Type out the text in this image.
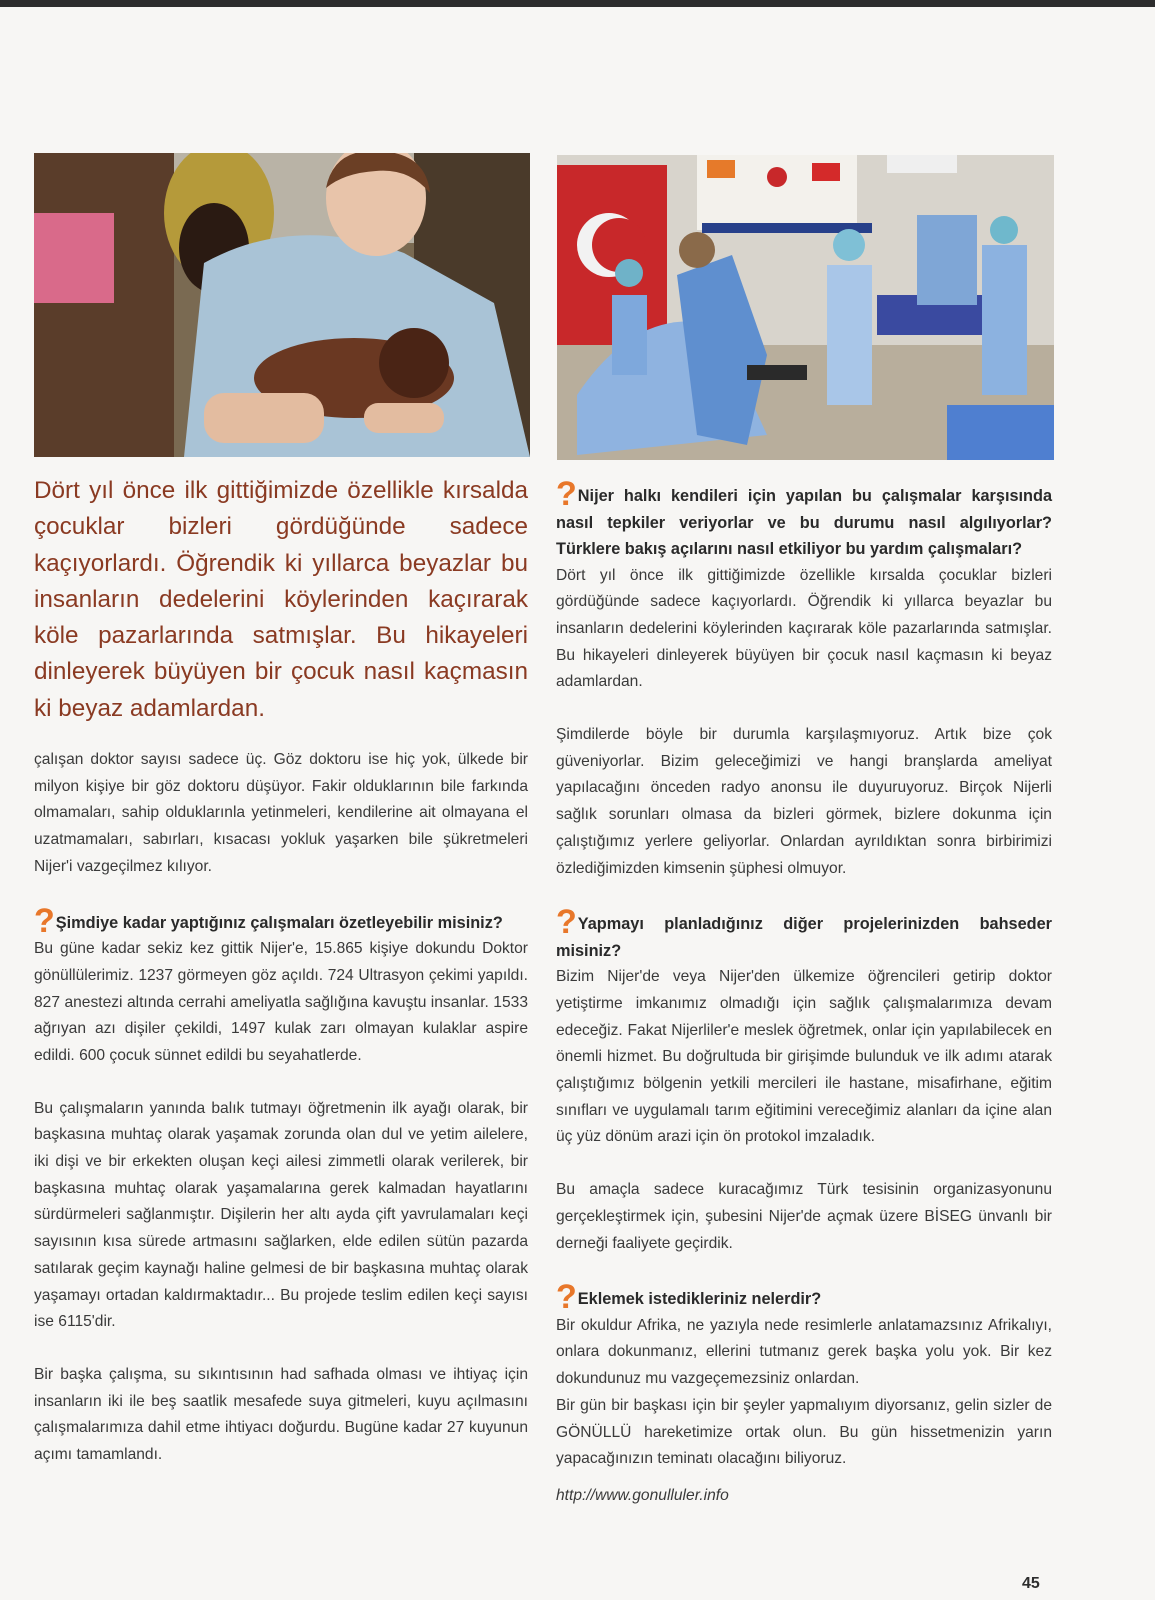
Dört yıl önce ilk gittiğimizde özellikle kırsalda çocuklar bizleri gördüğünde sadece kaçıyorlardı. Öğrendik ki yıllarca beyazlar bu insanların dedelerini köylerinden kaçırarak köle pazarlarında satmışlar. Bu hikayeleri dinleyerek büyüyen bir çocuk nasıl kaçmasın ki beyaz adamlardan.

çalışan doktor sayısı sadece üç. Göz doktoru ise hiç yok, ülkede bir milyon kişiye bir göz doktoru düşüyor. Fakir olduklarının bile farkında olmamaları, sahip olduklarınla yetinmeleri, kendilerine ait olmayana el uzatmamaları, sabırları, kısacası yokluk yaşarken bile şükretmeleri Nijer'i vazgeçilmez kılıyor.

?Şimdiye kadar yaptığınız çalışmaları özetleyebilir misiniz?

Bu güne kadar sekiz kez gittik Nijer'e, 15.865 kişiye dokundu Doktor gönüllülerimiz. 1237 görmeyen göz açıldı. 724 Ultrasyon çekimi yapıldı. 827 anestezi altında cerrahi ameliyatla sağlığına kavuştu insanlar. 1533 ağrıyan azı dişiler çekildi, 1497 kulak zarı olmayan kulaklar aspire edildi. 600 çocuk sünnet edildi bu seyahatlerde.

Bu çalışmaların yanında balık tutmayı öğretmenin ilk ayağı olarak, bir başkasına muhtaç olarak yaşamak zorunda olan dul ve yetim ailelere, iki dişi ve bir erkekten oluşan keçi ailesi zimmetli olarak verilerek, bir başkasına muhtaç olarak yaşamalarına gerek kalmadan hayatlarını sürdürmeleri sağlanmıştır. Dişilerin her altı ayda çift yavrulamaları keçi sayısının kısa sürede artmasını sağlarken, elde edilen sütün pazarda satılarak geçim kaynağı haline gelmesi de bir başkasına muhtaç olarak yaşamayı ortadan kaldırmaktadır... Bu projede teslim edilen keçi sayısı ise 6115'dir.

Bir başka çalışma, su sıkıntısının had safhada olması ve ihtiyaç için insanların iki ile beş saatlik mesafede suya gitmeleri, kuyu açılmasını çalışmalarımıza dahil etme ihtiyacı doğurdu. Bugüne kadar 27 kuyunun açımı tamamlandı.

?Nijer halkı kendileri için yapılan bu çalışmalar karşısında nasıl tepkiler veriyorlar ve bu durumu nasıl algılıyorlar? Türklere bakış açılarını nasıl etkiliyor bu yardım çalışmaları?

Dört yıl önce ilk gittiğimizde özellikle kırsalda çocuklar bizleri gördüğünde sadece kaçıyorlardı. Öğrendik ki yıllarca beyazlar bu insanların dedelerini köylerinden kaçırarak köle pazarlarında satmışlar. Bu hikayeleri dinleyerek büyüyen bir çocuk nasıl kaçmasın ki beyaz adamlardan.

Şimdilerde böyle bir durumla karşılaşmıyoruz. Artık bize çok güveniyorlar. Bizim geleceğimizi ve hangi branşlarda ameliyat yapılacağını önceden radyo anonsu ile duyuruyoruz. Birçok Nijerli sağlık sorunları olmasa da bizleri görmek, bizlere dokunma için çalıştığımız yerlere geliyorlar. Onlardan ayrıldıktan sonra birbirimizi özlediğimizden kimsenin şüphesi olmuyor.

?Yapmayı planladığınız diğer projelerinizden bahseder misiniz?

Bizim Nijer'de veya Nijer'den ülkemize öğrencileri getirip doktor yetiştirme imkanımız olmadığı için sağlık çalışmalarımıza devam edeceğiz. Fakat Nijerliler'e meslek öğretmek, onlar için yapılabilecek en önemli hizmet. Bu doğrultuda bir girişimde bulunduk ve ilk adımı atarak çalıştığımız bölgenin yetkili mercileri ile hastane, misafirhane, eğitim sınıfları ve uygulamalı tarım eğitimini vereceğimiz alanları da içine alan üç yüz dönüm arazi için ön protokol imzaladık.

Bu amaçla sadece kuracağımız Türk tesisinin organizasyonunu gerçekleştirmek için, şubesini Nijer'de açmak üzere BİSEG ünvanlı bir derneği faaliyete geçirdik.

?Eklemek istedikleriniz nelerdir?

Bir okuldur Afrika, ne yazıyla nede resimlerle anlatamazsınız Afrikalıyı, onlara dokunmanız, ellerini tutmanız gerek başka yolu yok. Bir kez dokundunuz mu vazgeçemezsiniz onlardan.

Bir gün bir başkası için bir şeyler yapmalıyım diyorsanız, gelin sizler de GÖNÜLLÜ hareketimize ortak olun. Bu gün hissetmenizin yarın yapacağınızın teminatı olacağını biliyoruz.

http://www.gonulluler.info

45
